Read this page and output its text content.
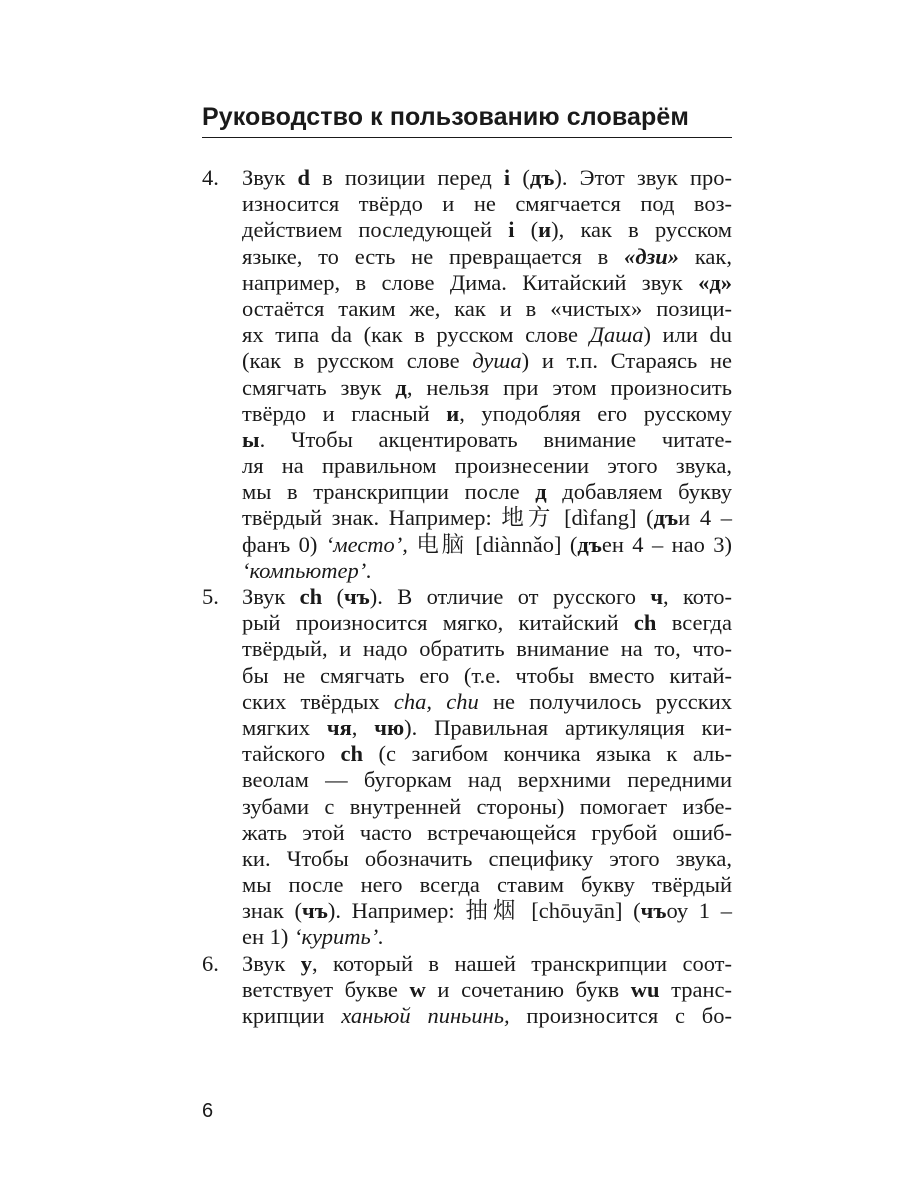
Руководство к пользованию словарём
4. Звук d в позиции перед i (дъ). Этот звук про-
износится твёрдо и не смягчается под воз-
действием последующей i (и), как в русском
языке, то есть не превращается в «дзи» как,
например, в слове Дима. Китайский звук «д»
остаётся таким же, как и в «чистых» позици-
ях типа da (как в русском слове Даша) или du
(как в русском слове душа) и т.п. Стараясь не
смягчать звук д, нельзя при этом произносить
твёрдо и гласный и, уподобляя его русскому
ы. Чтобы акцентировать внимание читате-
ля на правильном произнесении этого звука,
мы в транскрипции после д добавляем букву
твёрдый знак. Например: 地方 [dìfang] (дъи 4 –
фанъ 0) ‘место’, 电脑 [diànnǎo] (дъен 4 – нао 3)
‘компьютер’.
5. Звук ch (чъ). В отличие от русского ч, кото-
рый произносится мягко, китайский ch всегда
твёрдый, и надо обратить внимание на то, что-
бы не смягчать его (т.е. чтобы вместо китай-
ских твёрдых cha, chu не получилось русских
мягких чя, чю). Правильная артикуляция ки-
тайского ch (с загибом кончика языка к аль-
веолам — бугоркам над верхними передними
зубами с внутренней стороны) помогает избе-
жать этой часто встречающейся грубой ошиб-
ки. Чтобы обозначить специфику этого звука,
мы после него всегда ставим букву твёрдый
знак (чъ). Например: 抽烟 [chōuyān] (чъоу 1 –
ен 1) ‘курить’.
6. Звук у, который в нашей транскрипции соот-
ветствует букве w и сочетанию букв wu транс-
крипции ханьюй пиньинь, произносится с бо-
6
